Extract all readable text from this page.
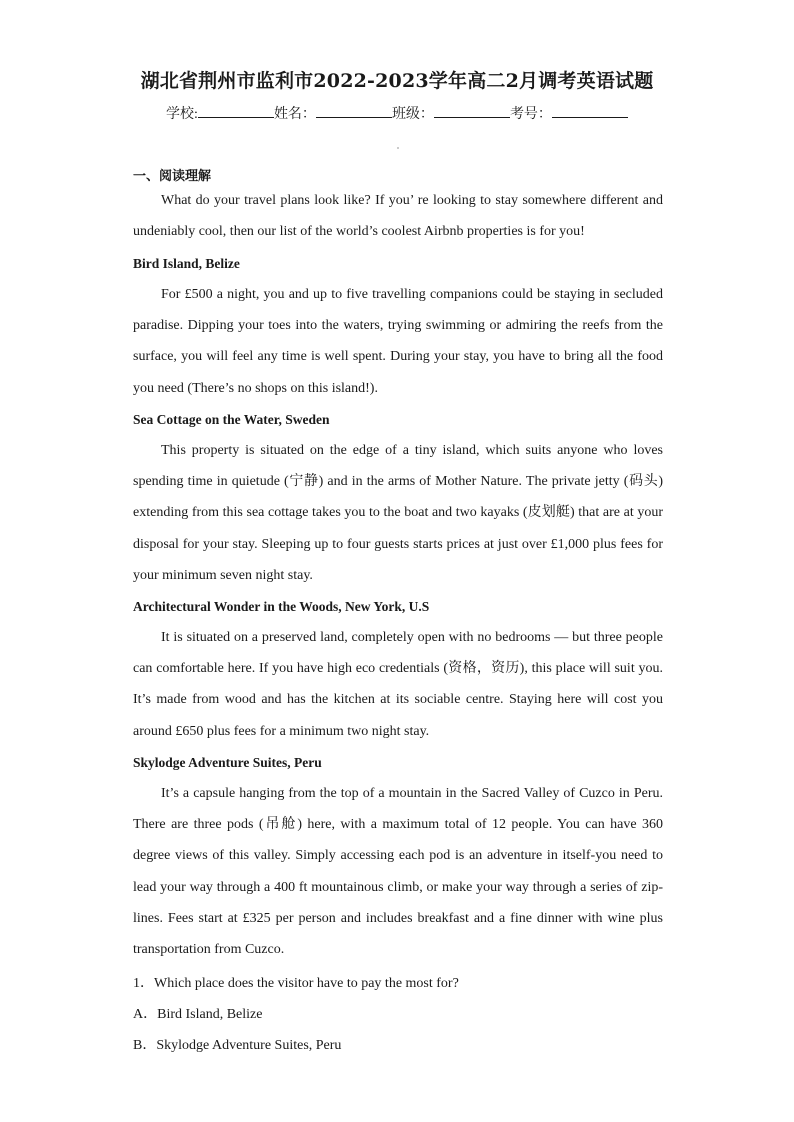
湖北省荆州市监利市2022-2023学年高二2月调考英语试题
学校:	姓名：	班级：	考号：
一、阅读理解
What do your travel plans look like? If you’ re looking to stay somewhere different and undeniably cool, then our list of the world’s coolest Airbnb properties is for you!
Bird Island, Belize
For £500 a night, you and up to five travelling companions could be staying in secluded paradise. Dipping your toes into the waters, trying swimming or admiring the reefs from the surface, you will feel any time is well spent. During your stay, you have to bring all the food you need (There’s no shops on this island!).
Sea Cottage on the Water, Sweden
This property is situated on the edge of a tiny island, which suits anyone who loves spending time in quietude (宁静) and in the arms of Mother Nature. The private jetty (码头) extending from this sea cottage takes you to the boat and two kayaks (皮划艇) that are at your disposal for your stay. Sleeping up to four guests starts prices at just over £1,000 plus fees for your minimum seven night stay.
Architectural Wonder in the Woods, New York, U.S
It is situated on a preserved land, completely open with no bedrooms — but three people can comfortable here. If you have high eco credentials (资格，资历), this place will suit you. It’s made from wood and has the kitchen at its sociable centre. Staying here will cost you around £650 plus fees for a minimum two night stay.
Skylodge Adventure Suites, Peru
It’s a capsule hanging from the top of a mountain in the Sacred Valley of Cuzco in Peru. There are three pods (吊舱) here, with a maximum total of 12 people. You can have 360 degree views of this valley. Simply accessing each pod is an adventure in itself-you need to lead your way through a 400 ft mountainous climb, or make your way through a series of zip-lines. Fees start at £325 per person and includes breakfast and a fine dinner with wine plus transportation from Cuzco.
1．Which place does the visitor have to pay the most for?
A．Bird Island, Belize
B．Skylodge Adventure Suites, Peru
